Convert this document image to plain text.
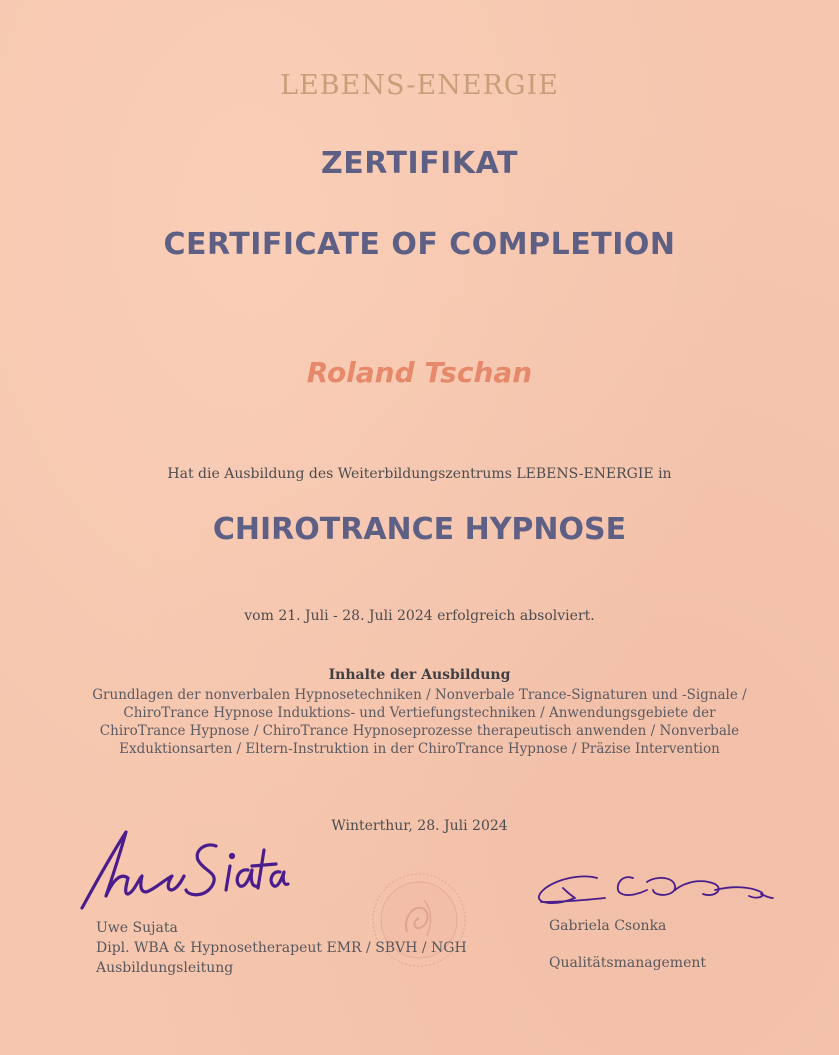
LEBENS-ENERGIE
ZERTIFIKAT
CERTIFICATE OF COMPLETION
Roland Tschan
Hat die Ausbildung des Weiterbildungszentrums LEBENS-ENERGIE in
CHIROTRANCE HYPNOSE
vom 21. Juli - 28. Juli 2024 erfolgreich absolviert.
Inhalte der Ausbildung
Grundlagen der nonverbalen Hypnosetechniken / Nonverbale Trance-Signaturen und -Signale /
ChiroTrance Hypnose Induktions- und Vertiefungstechniken / Anwendungsgebiete der
ChiroTrance Hypnose / ChiroTrance Hypnoseprozesse therapeutisch anwenden / Nonverbale
Exduktionsarten / Eltern-Instruktion in der ChiroTrance Hypnose / Präzise Intervention
Winterthur, 28. Juli 2024
Uwe Sujata
Dipl. WBA & Hypnosetherapeut EMR / SBVH / NGH
Ausbildungsleitung
Gabriela Csonka
Qualitätsmanagement
